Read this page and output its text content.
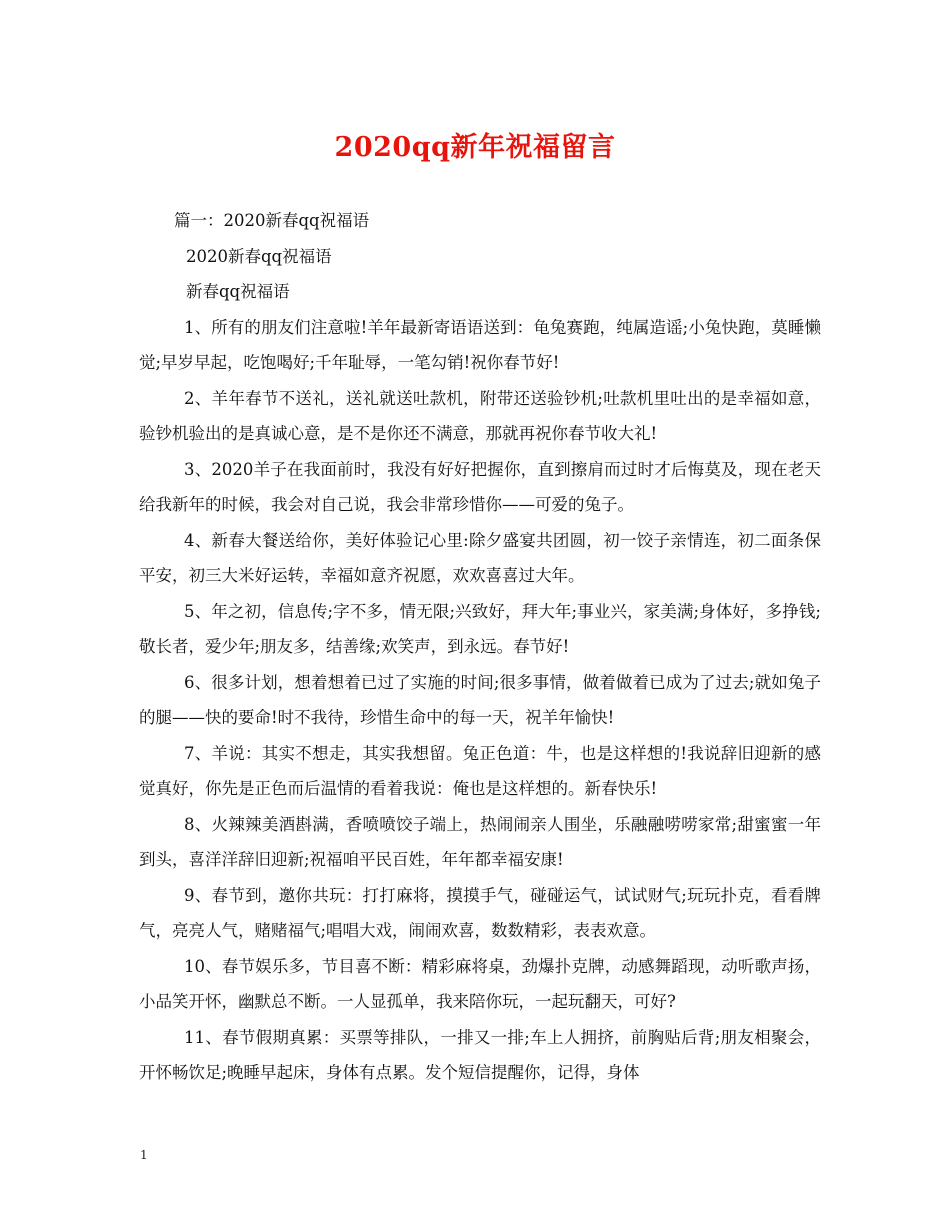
2020qq新年祝福留言
篇一：2020新春qq祝福语
2020新春qq祝福语
新春qq祝福语
1、所有的朋友们注意啦!羊年最新寄语语送到：龟兔赛跑，纯属造谣;小兔快跑，莫睡懒觉;早岁早起，吃饱喝好;千年耻辱，一笔勾销!祝你春节好!
2、羊年春节不送礼，送礼就送吐款机，附带还送验钞机;吐款机里吐出的是幸福如意，验钞机验出的是真诚心意，是不是你还不满意，那就再祝你春节收大礼!
3、2020羊子在我面前时，我没有好好把握你，直到擦肩而过时才后悔莫及，现在老天给我新年的时候，我会对自己说，我会非常珍惜你——可爱的兔子。
4、新春大餐送给你，美好体验记心里:除夕盛宴共团圆，初一饺子亲情连，初二面条保平安，初三大米好运转，幸福如意齐祝愿，欢欢喜喜过大年。
5、年之初，信息传;字不多，情无限;兴致好，拜大年;事业兴，家美满;身体好，多挣钱;敬长者，爱少年;朋友多，结善缘;欢笑声，到永远。春节好!
6、很多计划，想着想着已过了实施的时间;很多事情，做着做着已成为了过去;就如兔子的腿——快的要命!时不我待，珍惜生命中的每一天，祝羊年愉快!
7、羊说：其实不想走，其实我想留。兔正色道：牛，也是这样想的!我说辞旧迎新的感觉真好，你先是正色而后温情的看着我说：俺也是这样想的。新春快乐!
8、火辣辣美酒斟满，香喷喷饺子端上，热闹闹亲人围坐，乐融融唠唠家常;甜蜜蜜一年到头，喜洋洋辞旧迎新;祝福咱平民百姓，年年都幸福安康!
9、春节到，邀你共玩：打打麻将，摸摸手气，碰碰运气，试试财气;玩玩扑克，看看牌气，亮亮人气，赌赌福气;唱唱大戏，闹闹欢喜，数数精彩，表表欢意。
10、春节娱乐多，节目喜不断：精彩麻将桌，劲爆扑克牌，动感舞蹈现，动听歌声扬，小品笑开怀，幽默总不断。一人显孤单，我来陪你玩，一起玩翻天，可好?
11、春节假期真累：买票等排队，一排又一排;车上人拥挤，前胸贴后背;朋友相聚会，开怀畅饮足;晚睡早起床，身体有点累。发个短信提醒你，记得，身体
1
